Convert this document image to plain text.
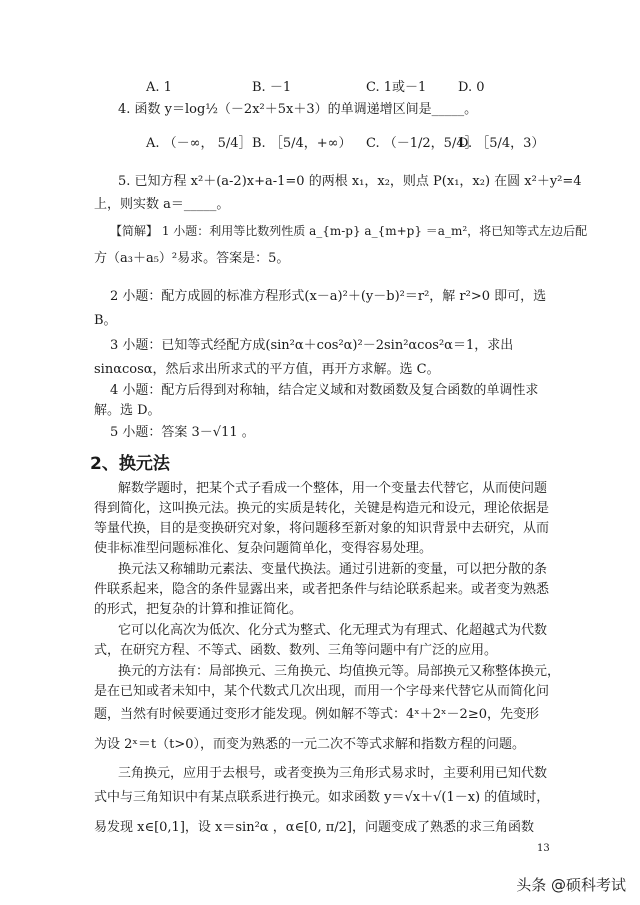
A. 1	B. －1	C. 1或－1 D. 0
4. 函数 y＝log½（－2x²＋5x＋3）的单调递增区间是_____。
A. （－∞， 5/4］ B. ［5/4，+∞） C. （－1/2，5/4］
D. ［5/4，3）
5. 已知方程 x²＋(a-2)x+a-1=0 的两根 x₁，x₂，则点 P(x₁，x₂) 在圆 x²＋y²=4
上，则实数 a＝_____。
【简解】 1 小题：利用等比数列性质 a_{m-p} a_{m+p} ＝a_m²，将已知等式左边后配
方（a₃＋a₅）²易求。答案是：5。
2 小题：配方成圆的标准方程形式(x－a)²＋(y－b)²＝r²，解 r²>0 即可，选
B。
3 小题：已知等式经配方成(sin²α＋cos²α)²－2sin²αcos²α＝1，求出
sinαcosα，然后求出所求式的平方值，再开方求解。选 C。
4 小题：配方后得到对称轴，结合定义域和对数函数及复合函数的单调性求
解。选 D。
5 小题：答案 3－√11 。
2、换元法
解数学题时，把某个式子看成一个整体，用一个变量去代替它，从而使问题
得到简化，这叫换元法。换元的实质是转化，关键是构造元和设元，理论依据是
等量代换，目的是变换研究对象，将问题移至新对象的知识背景中去研究，从而
使非标准型问题标准化、复杂问题简单化，变得容易处理。
换元法又称辅助元素法、变量代换法。通过引进新的变量，可以把分散的条
件联系起来，隐含的条件显露出来，或者把条件与结论联系起来。或者变为熟悉
的形式，把复杂的计算和推证简化。
它可以化高次为低次、化分式为整式、化无理式为有理式、化超越式为代数
式，在研究方程、不等式、函数、数列、三角等问题中有广泛的应用。
换元的方法有：局部换元、三角换元、均值换元等。局部换元又称整体换元，
是在已知或者未知中，某个代数式几次出现，而用一个字母来代替它从而简化问
题，当然有时候要通过变形才能发现。例如解不等式：4ˣ＋2ˣ－2≥0，先变形
为设 2ˣ＝t（t>0），而变为熟悉的一元二次不等式求解和指数方程的问题。
三角换元，应用于去根号，或者变换为三角形式易求时，主要利用已知代数
式中与三角知识中有某点联系进行换元。如求函数 y＝√x＋√(1－x) 的值域时，
易发现 x∈[0,1]，设 x＝sin²α ，α∈[0, π/2]，问题变成了熟悉的求三角函数
13
头条 @硕科考试
